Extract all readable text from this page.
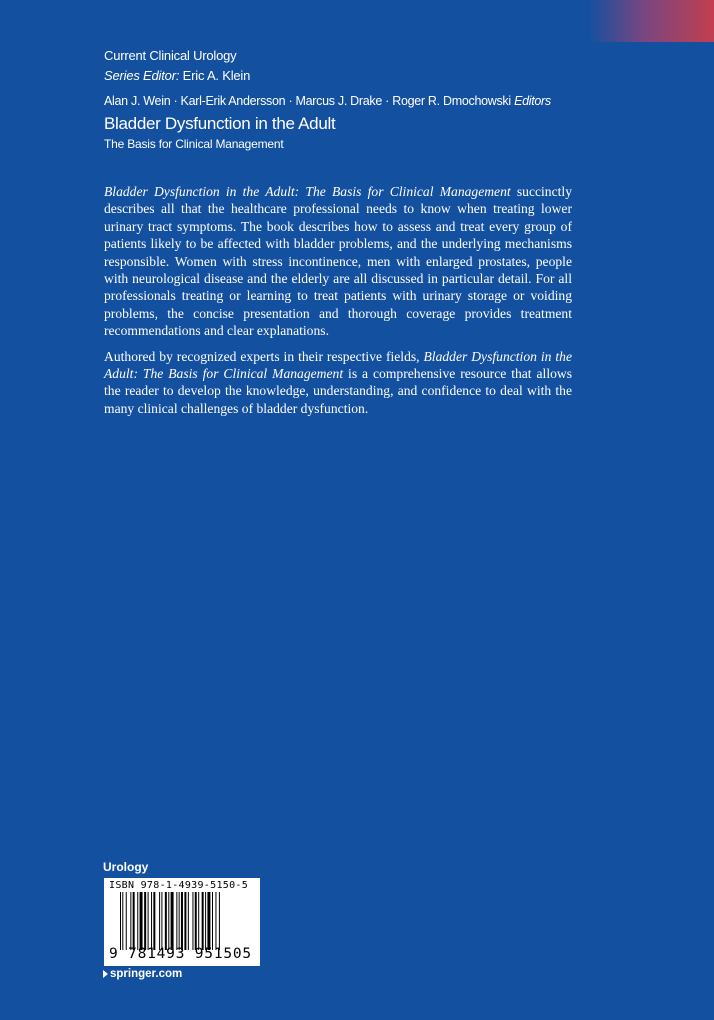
Current Clinical Urology
Series Editor: Eric A. Klein
Alan J. Wein · Karl-Erik Andersson · Marcus J. Drake · Roger R. Dmochowski Editors
Bladder Dysfunction in the Adult
The Basis for Clinical Management

Bladder Dysfunction in the Adult: The Basis for Clinical Management succinctly describes all that the healthcare professional needs to know when treating lower urinary tract symptoms. The book describes how to assess and treat every group of patients likely to be affected with bladder problems, and the underlying mechanisms responsible. Women with stress incontinence, men with enlarged prostates, people with neurological disease and the elderly are all discussed in particular detail. For all professionals treating or learning to treat patients with urinary storage or voiding problems, the concise presentation and thorough coverage provides treatment recommendations and clear explanations.

Authored by recognized experts in their respective fields, Bladder Dysfunction in the Adult: The Basis for Clinical Management is a comprehensive resource that allows the reader to develop the knowledge, understanding, and confidence to deal with the many clinical challenges of bladder dysfunction.

Urology
ISBN 978-1-4939-5150-5
9 781493 951505
springer.com
